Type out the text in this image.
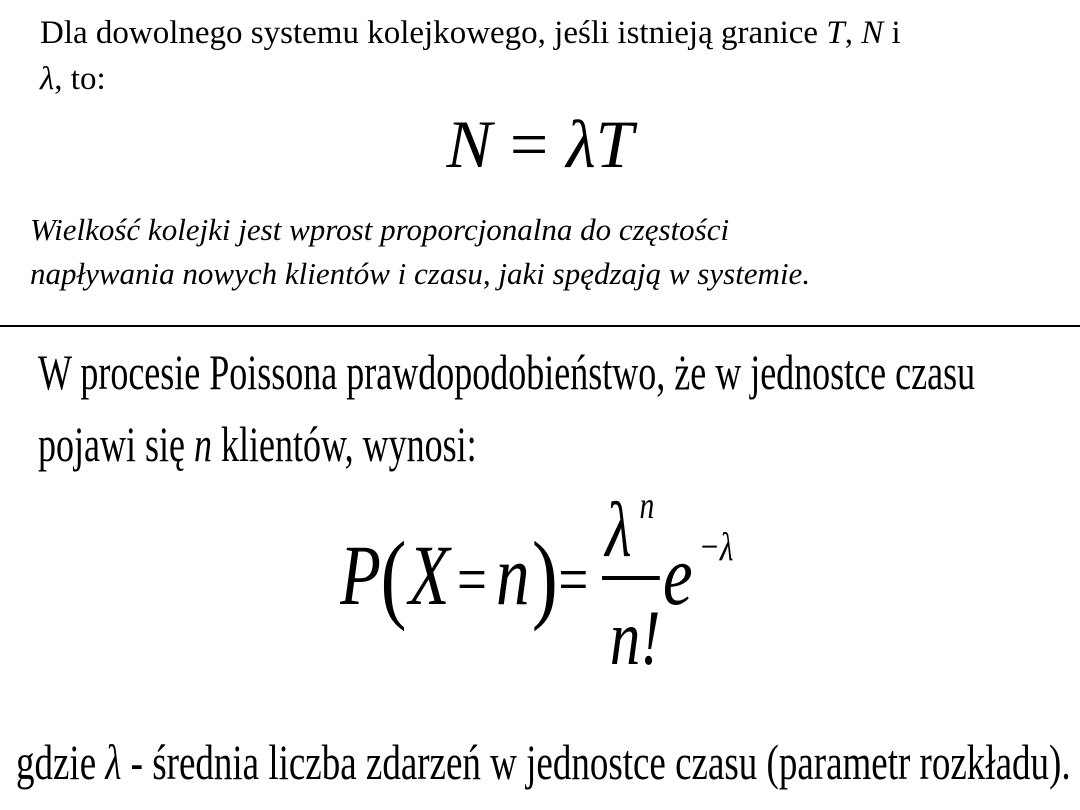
Dla dowolnego systemu kolejkowego, jeśli istnieją granice T, N i
λ, to:
N = λT
Wielkość kolejki jest wprost proporcjonalna do częstości
napływania nowych klientów i czasu, jaki spędzają w systemie.
W procesie Poissona prawdopodobieństwo, że w jednostce czasu
pojawi się n klientów, wynosi:
P ( X = n ) =
λ n
n!
e −λ
gdzie λ - średnia liczba zdarzeń w jednostce czasu (parametr rozkładu).
